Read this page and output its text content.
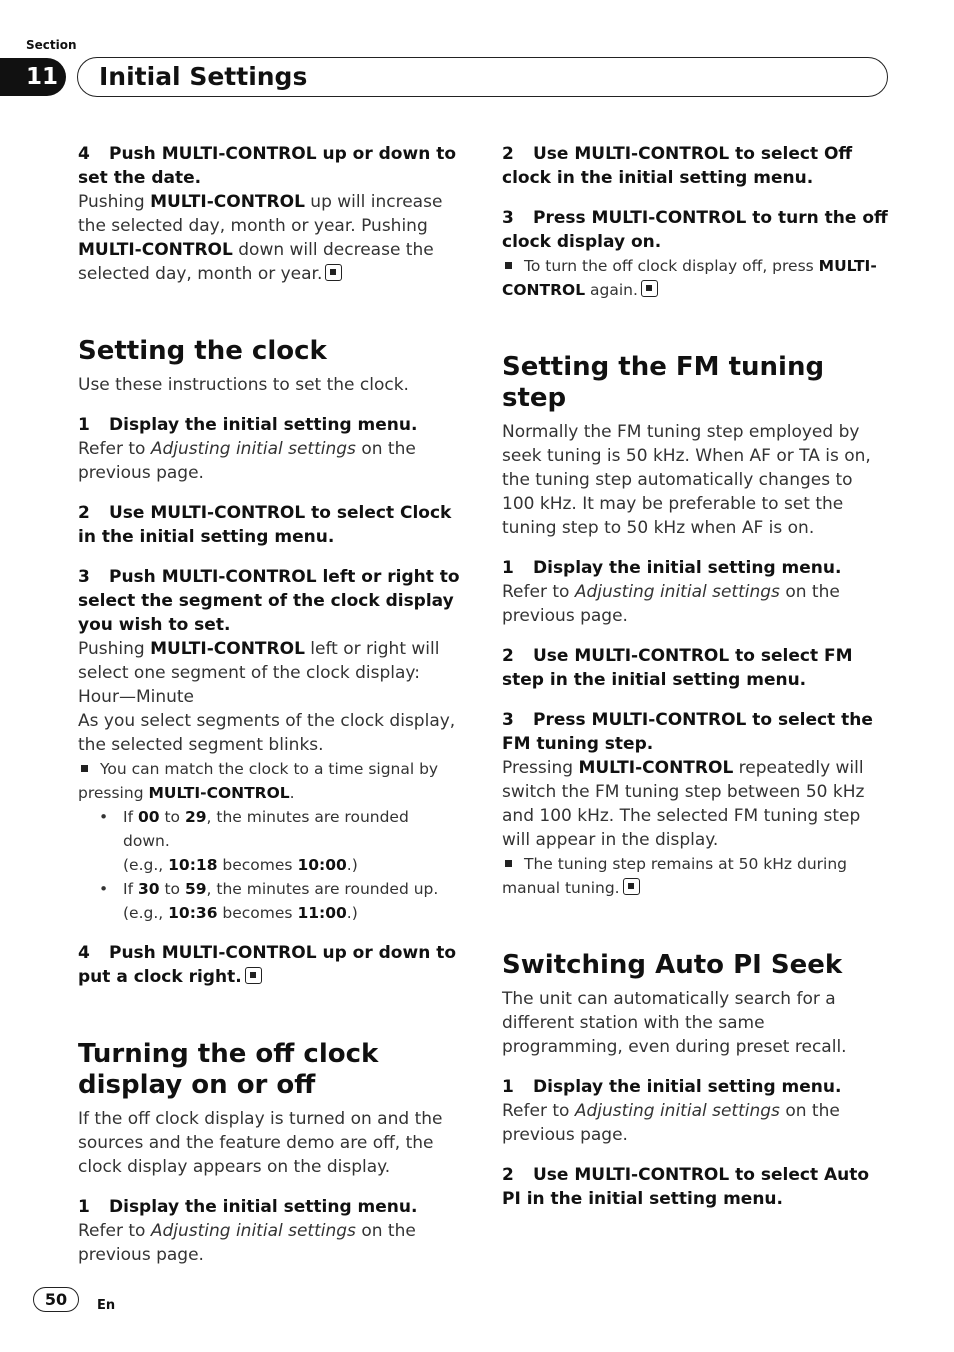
Section
11	Initial Settings
4 Push MULTI-CONTROL up or down to set the date.
Pushing MULTI-CONTROL up will increase the selected day, month or year. Pushing MULTI-CONTROL down will decrease the selected day, month or year.
Setting the clock
Use these instructions to set the clock.
1 Display the initial setting menu.
Refer to Adjusting initial settings on the previous page.
2 Use MULTI-CONTROL to select Clock in the initial setting menu.
3 Push MULTI-CONTROL left or right to select the segment of the clock display you wish to set.
Pushing MULTI-CONTROL left or right will select one segment of the clock display:
Hour—Minute
As you select segments of the clock display, the selected segment blinks.
You can match the clock to a time signal by pressing MULTI-CONTROL.
• If 00 to 29, the minutes are rounded down.
(e.g., 10:18 becomes 10:00.)
• If 30 to 59, the minutes are rounded up.
(e.g., 10:36 becomes 11:00.)
4 Push MULTI-CONTROL up or down to put a clock right.
Turning the off clock display on or off
If the off clock display is turned on and the sources and the feature demo are off, the clock display appears on the display.
1 Display the initial setting menu.
Refer to Adjusting initial settings on the previous page.
2 Use MULTI-CONTROL to select Off clock in the initial setting menu.
3 Press MULTI-CONTROL to turn the off clock display on.
To turn the off clock display off, press MULTI-CONTROL again.
Setting the FM tuning step
Normally the FM tuning step employed by seek tuning is 50 kHz. When AF or TA is on, the tuning step automatically changes to 100 kHz. It may be preferable to set the tuning step to 50 kHz when AF is on.
1 Display the initial setting menu.
Refer to Adjusting initial settings on the previous page.
2 Use MULTI-CONTROL to select FM step in the initial setting menu.
3 Press MULTI-CONTROL to select the FM tuning step.
Pressing MULTI-CONTROL repeatedly will switch the FM tuning step between 50 kHz and 100 kHz. The selected FM tuning step will appear in the display.
The tuning step remains at 50 kHz during manual tuning.
Switching Auto PI Seek
The unit can automatically search for a different station with the same programming, even during preset recall.
1 Display the initial setting menu.
Refer to Adjusting initial settings on the previous page.
2 Use MULTI-CONTROL to select Auto PI in the initial setting menu.
50	En
